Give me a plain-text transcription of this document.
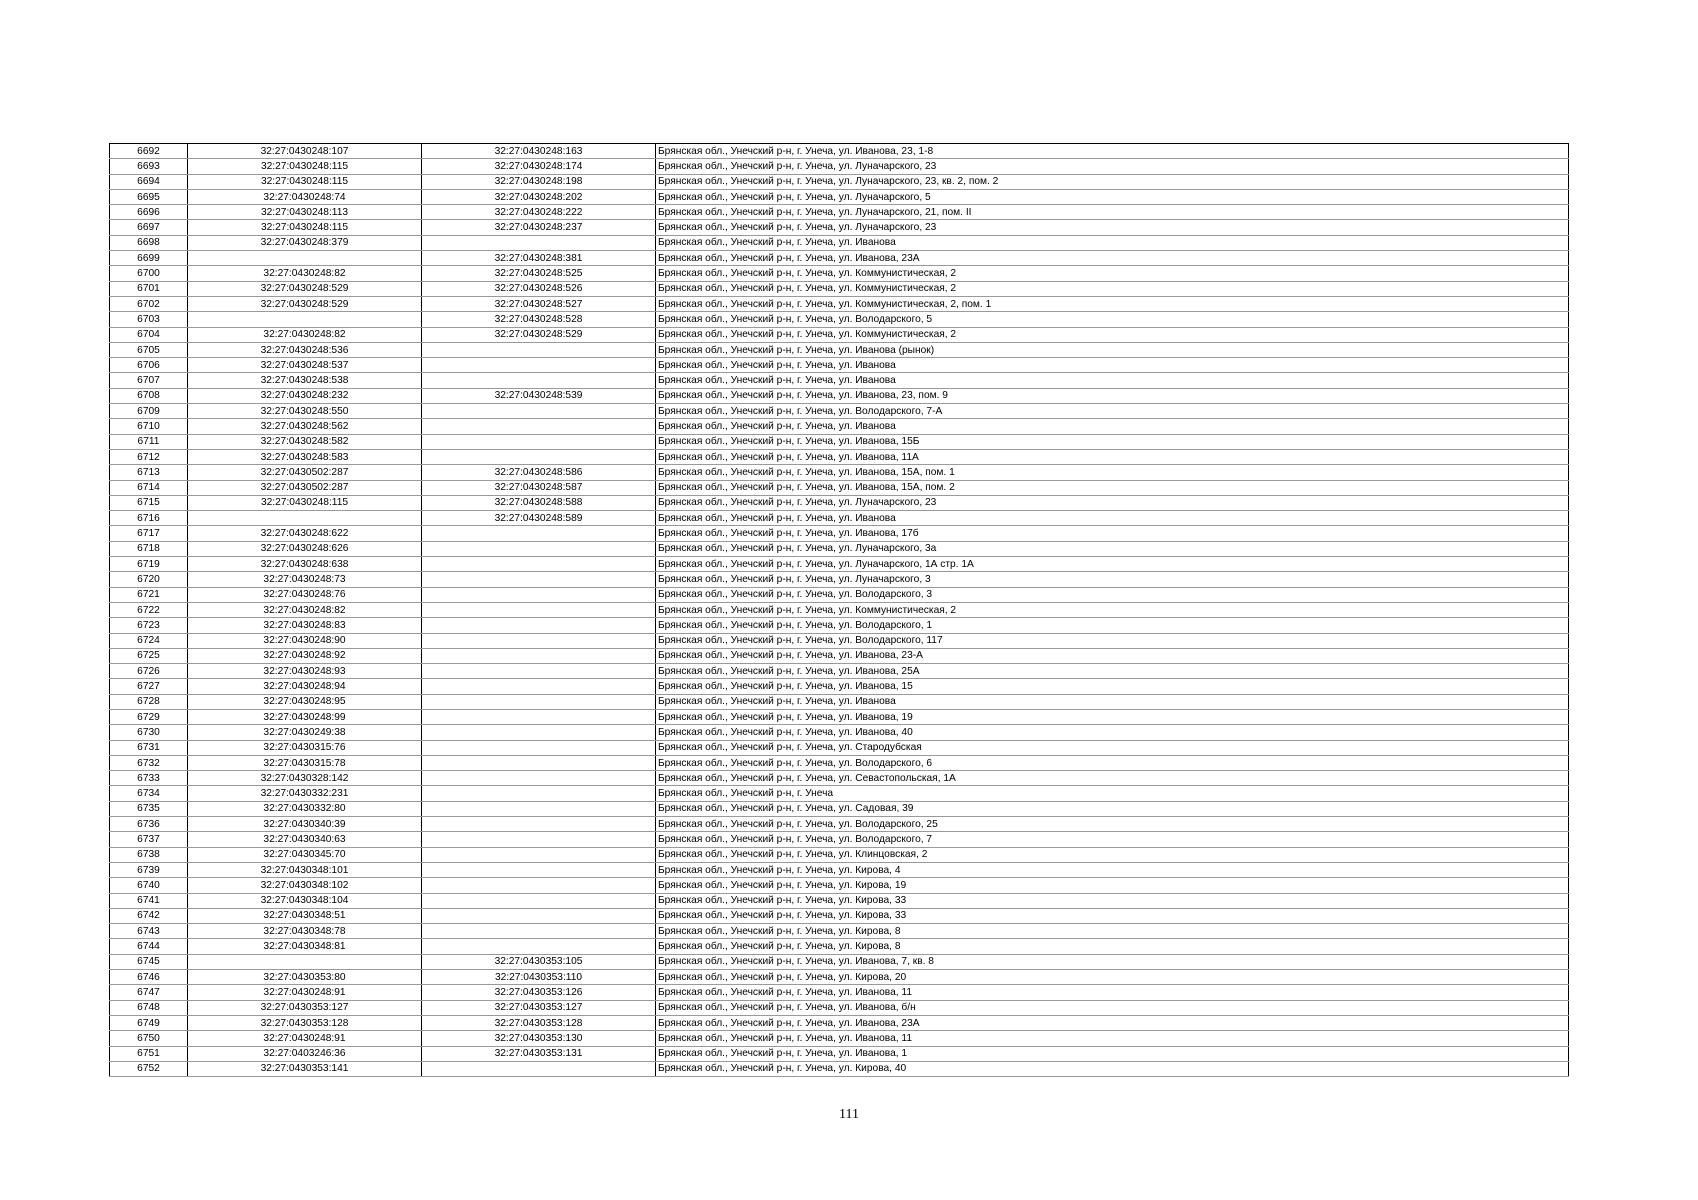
6692	32:27:0430248:107	32:27:0430248:163	Брянская обл., Унечский р-н, г. Унеча, ул. Иванова, 23, 1-8
6693	32:27:0430248:115	32:27:0430248:174	Брянская обл., Унечский р-н, г. Унеча, ул. Луначарского, 23
6694	32:27:0430248:115	32:27:0430248:198	Брянская обл., Унечский р-н, г. Унеча, ул. Луначарского, 23, кв. 2, пом. 2
6695	32:27:0430248:74	32:27:0430248:202	Брянская обл., Унечский р-н, г. Унеча, ул. Луначарского, 5
6696	32:27:0430248:113	32:27:0430248:222	Брянская обл., Унечский р-н, г. Унеча, ул. Луначарского, 21, пом. II
6697	32:27:0430248:115	32:27:0430248:237	Брянская обл., Унечский р-н, г. Унеча, ул. Луначарского, 23
6698	32:27:0430248:379		Брянская обл., Унечский р-н, г. Унеча, ул. Иванова
6699		32:27:0430248:381	Брянская обл., Унечский р-н, г. Унеча, ул. Иванова, 23А
6700	32:27:0430248:82	32:27:0430248:525	Брянская обл., Унечский р-н, г. Унеча, ул. Коммунистическая, 2
6701	32:27:0430248:529	32:27:0430248:526	Брянская обл., Унечский р-н, г. Унеча, ул. Коммунистическая, 2
6702	32:27:0430248:529	32:27:0430248:527	Брянская обл., Унечский р-н, г. Унеча, ул. Коммунистическая, 2, пом. 1
6703		32:27:0430248:528	Брянская обл., Унечский р-н, г. Унеча, ул. Володарского, 5
6704	32:27:0430248:82	32:27:0430248:529	Брянская обл., Унечский р-н, г. Унеча, ул. Коммунистическая, 2
6705	32:27:0430248:536		Брянская обл., Унечский р-н, г. Унеча, ул. Иванова (рынок)
6706	32:27:0430248:537		Брянская обл., Унечский р-н, г. Унеча, ул. Иванова
6707	32:27:0430248:538		Брянская обл., Унечский р-н, г. Унеча, ул. Иванова
6708	32:27:0430248:232	32:27:0430248:539	Брянская обл., Унечский р-н, г. Унеча, ул. Иванова, 23, пом. 9
6709	32:27:0430248:550		Брянская обл., Унечский р-н, г. Унеча, ул. Володарского, 7-А
6710	32:27:0430248:562		Брянская обл., Унечский р-н, г. Унеча, ул. Иванова
6711	32:27:0430248:582		Брянская обл., Унечский р-н, г. Унеча, ул. Иванова, 15Б
6712	32:27:0430248:583		Брянская обл., Унечский р-н, г. Унеча, ул. Иванова, 11А
6713	32:27:0430502:287	32:27:0430248:586	Брянская обл., Унечский р-н, г. Унеча, ул. Иванова, 15А, пом. 1
6714	32:27:0430502:287	32:27:0430248:587	Брянская обл., Унечский р-н, г. Унеча, ул. Иванова, 15А, пом. 2
6715	32:27:0430248:115	32:27:0430248:588	Брянская обл., Унечский р-н, г. Унеча, ул. Луначарского, 23
6716		32:27:0430248:589	Брянская обл., Унечский р-н, г. Унеча, ул. Иванова
6717	32:27:0430248:622		Брянская обл., Унечский р-н, г. Унеча, ул. Иванова, 17б
6718	32:27:0430248:626		Брянская обл., Унечский р-н, г. Унеча, ул. Луначарского, 3а
6719	32:27:0430248:638		Брянская обл., Унечский р-н, г. Унеча, ул. Луначарского, 1А стр. 1А
6720	32:27:0430248:73		Брянская обл., Унечский р-н, г. Унеча, ул. Луначарского, 3
6721	32:27:0430248:76		Брянская обл., Унечский р-н, г. Унеча, ул. Володарского, 3
6722	32:27:0430248:82		Брянская обл., Унечский р-н, г. Унеча, ул. Коммунистическая, 2
6723	32:27:0430248:83		Брянская обл., Унечский р-н, г. Унеча, ул. Володарского, 1
6724	32:27:0430248:90		Брянская обл., Унечский р-н, г. Унеча, ул. Володарского, 117
6725	32:27:0430248:92		Брянская обл., Унечский р-н, г. Унеча, ул. Иванова, 23-А
6726	32:27:0430248:93		Брянская обл., Унечский р-н, г. Унеча, ул. Иванова, 25А
6727	32:27:0430248:94		Брянская обл., Унечский р-н, г. Унеча, ул. Иванова, 15
6728	32:27:0430248:95		Брянская обл., Унечский р-н, г. Унеча, ул. Иванова
6729	32:27:0430248:99		Брянская обл., Унечский р-н, г. Унеча, ул. Иванова, 19
6730	32:27:0430249:38		Брянская обл., Унечский р-н, г. Унеча, ул. Иванова, 40
6731	32:27:0430315:76		Брянская обл., Унечский р-н, г. Унеча, ул. Стародубская
6732	32:27:0430315:78		Брянская обл., Унечский р-н, г. Унеча, ул. Володарского, 6
6733	32:27:0430328:142		Брянская обл., Унечский р-н, г. Унеча, ул. Севастопольская, 1А
6734	32:27:0430332:231		Брянская обл., Унечский р-н, г. Унеча
6735	32:27:0430332:80		Брянская обл., Унечский р-н, г. Унеча, ул. Садовая, 39
6736	32:27:0430340:39		Брянская обл., Унечский р-н, г. Унеча, ул. Володарского, 25
6737	32:27:0430340:63		Брянская обл., Унечский р-н, г. Унеча, ул. Володарского, 7
6738	32:27:0430345:70		Брянская обл., Унечский р-н, г. Унеча, ул. Клинцовская, 2
6739	32:27:0430348:101		Брянская обл., Унечский р-н, г. Унеча, ул. Кирова, 4
6740	32:27:0430348:102		Брянская обл., Унечский р-н, г. Унеча, ул. Кирова, 19
6741	32:27:0430348:104		Брянская обл., Унечский р-н, г. Унеча, ул. Кирова, 33
6742	32:27:0430348:51		Брянская обл., Унечский р-н, г. Унеча, ул. Кирова, 33
6743	32:27:0430348:78		Брянская обл., Унечский р-н, г. Унеча, ул. Кирова, 8
6744	32:27:0430348:81		Брянская обл., Унечский р-н, г. Унеча, ул. Кирова, 8
6745		32:27:0430353:105	Брянская обл., Унечский р-н, г. Унеча, ул. Иванова, 7, кв. 8
6746	32:27:0430353:80	32:27:0430353:110	Брянская обл., Унечский р-н, г. Унеча, ул. Кирова, 20
6747	32:27:0430248:91	32:27:0430353:126	Брянская обл., Унечский р-н, г. Унеча, ул. Иванова, 11
6748	32:27:0430353:127	32:27:0430353:127	Брянская обл., Унечский р-н, г. Унеча, ул. Иванова, б/н
6749	32:27:0430353:128	32:27:0430353:128	Брянская обл., Унечский р-н, г. Унеча, ул. Иванова, 23А
6750	32:27:0430248:91	32:27:0430353:130	Брянская обл., Унечский р-н, г. Унеча, ул. Иванова, 11
6751	32:27:0403246:36	32:27:0430353:131	Брянская обл., Унечский р-н, г. Унеча, ул. Иванова, 1
6752	32:27:0430353:141		Брянская обл., Унечский р-н, г. Унеча, ул. Кирова, 40
111
